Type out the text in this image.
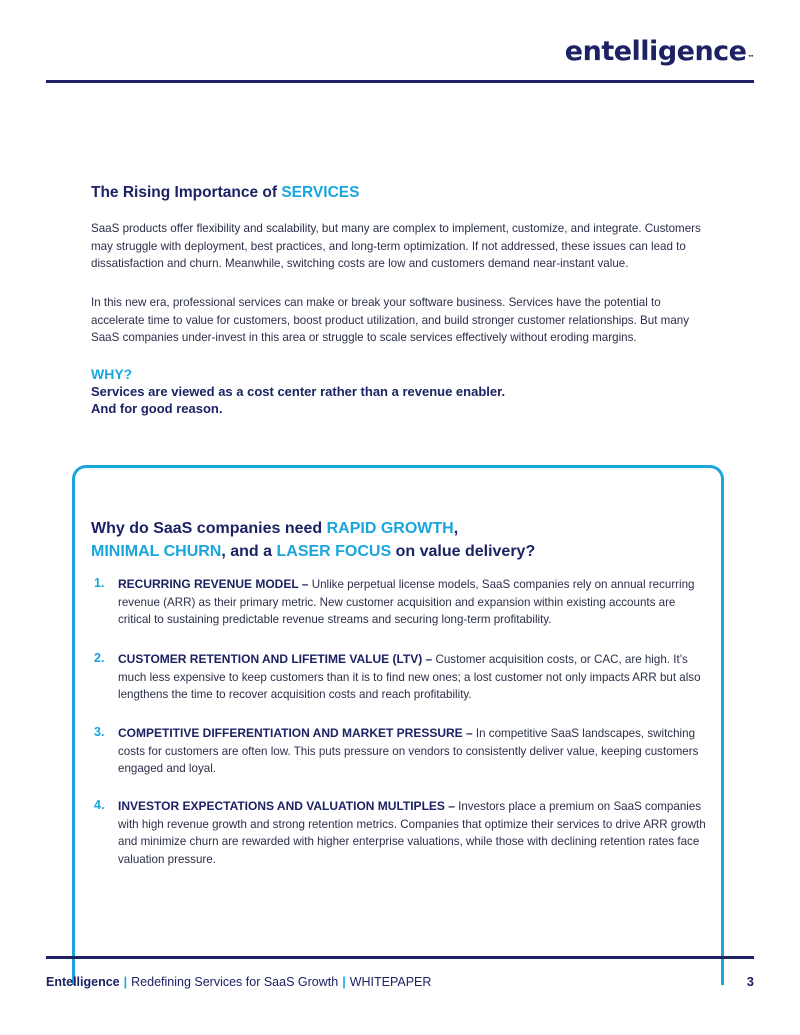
entelligence™
The Rising Importance of SERVICES

SaaS products offer flexibility and scalability, but many are complex to implement, customize, and integrate. Customers may struggle with deployment, best practices, and long-term optimization. If not addressed, these issues can lead to dissatisfaction and churn. Meanwhile, switching costs are low and customers demand near-instant value.

In this new era, professional services can make or break your software business. Services have the potential to accelerate time to value for customers, boost product utilization, and build stronger customer relationships. But many SaaS companies under-invest in this area or struggle to scale services effectively without eroding margins.

WHY?
Services are viewed as a cost center rather than a revenue enabler.
And for good reason.
Why do SaaS companies need RAPID GROWTH,
MINIMAL CHURN, and a LASER FOCUS on value delivery?
1. RECURRING REVENUE MODEL – Unlike perpetual license models, SaaS companies rely on annual recurring revenue (ARR) as their primary metric. New customer acquisition and expansion within existing accounts are critical to sustaining predictable revenue streams and securing long-term profitability.
2. CUSTOMER RETENTION AND LIFETIME VALUE (LTV) – Customer acquisition costs, or CAC, are high. It’s much less expensive to keep customers than it is to find new ones; a lost customer not only impacts ARR but also lengthens the time to recover acquisition costs and reach profitability.
3. COMPETITIVE DIFFERENTIATION AND MARKET PRESSURE – In competitive SaaS landscapes, switching costs for customers are often low. This puts pressure on vendors to consistently deliver value, keeping customers engaged and loyal.
4. INVESTOR EXPECTATIONS AND VALUATION MULTIPLES – Investors place a premium on SaaS companies with high revenue growth and strong retention metrics. Companies that optimize their services to drive ARR growth and minimize churn are rewarded with higher enterprise valuations, while those with declining retention rates face valuation pressure.
Entelligence | Redefining Services for SaaS Growth | WHITEPAPER	3
